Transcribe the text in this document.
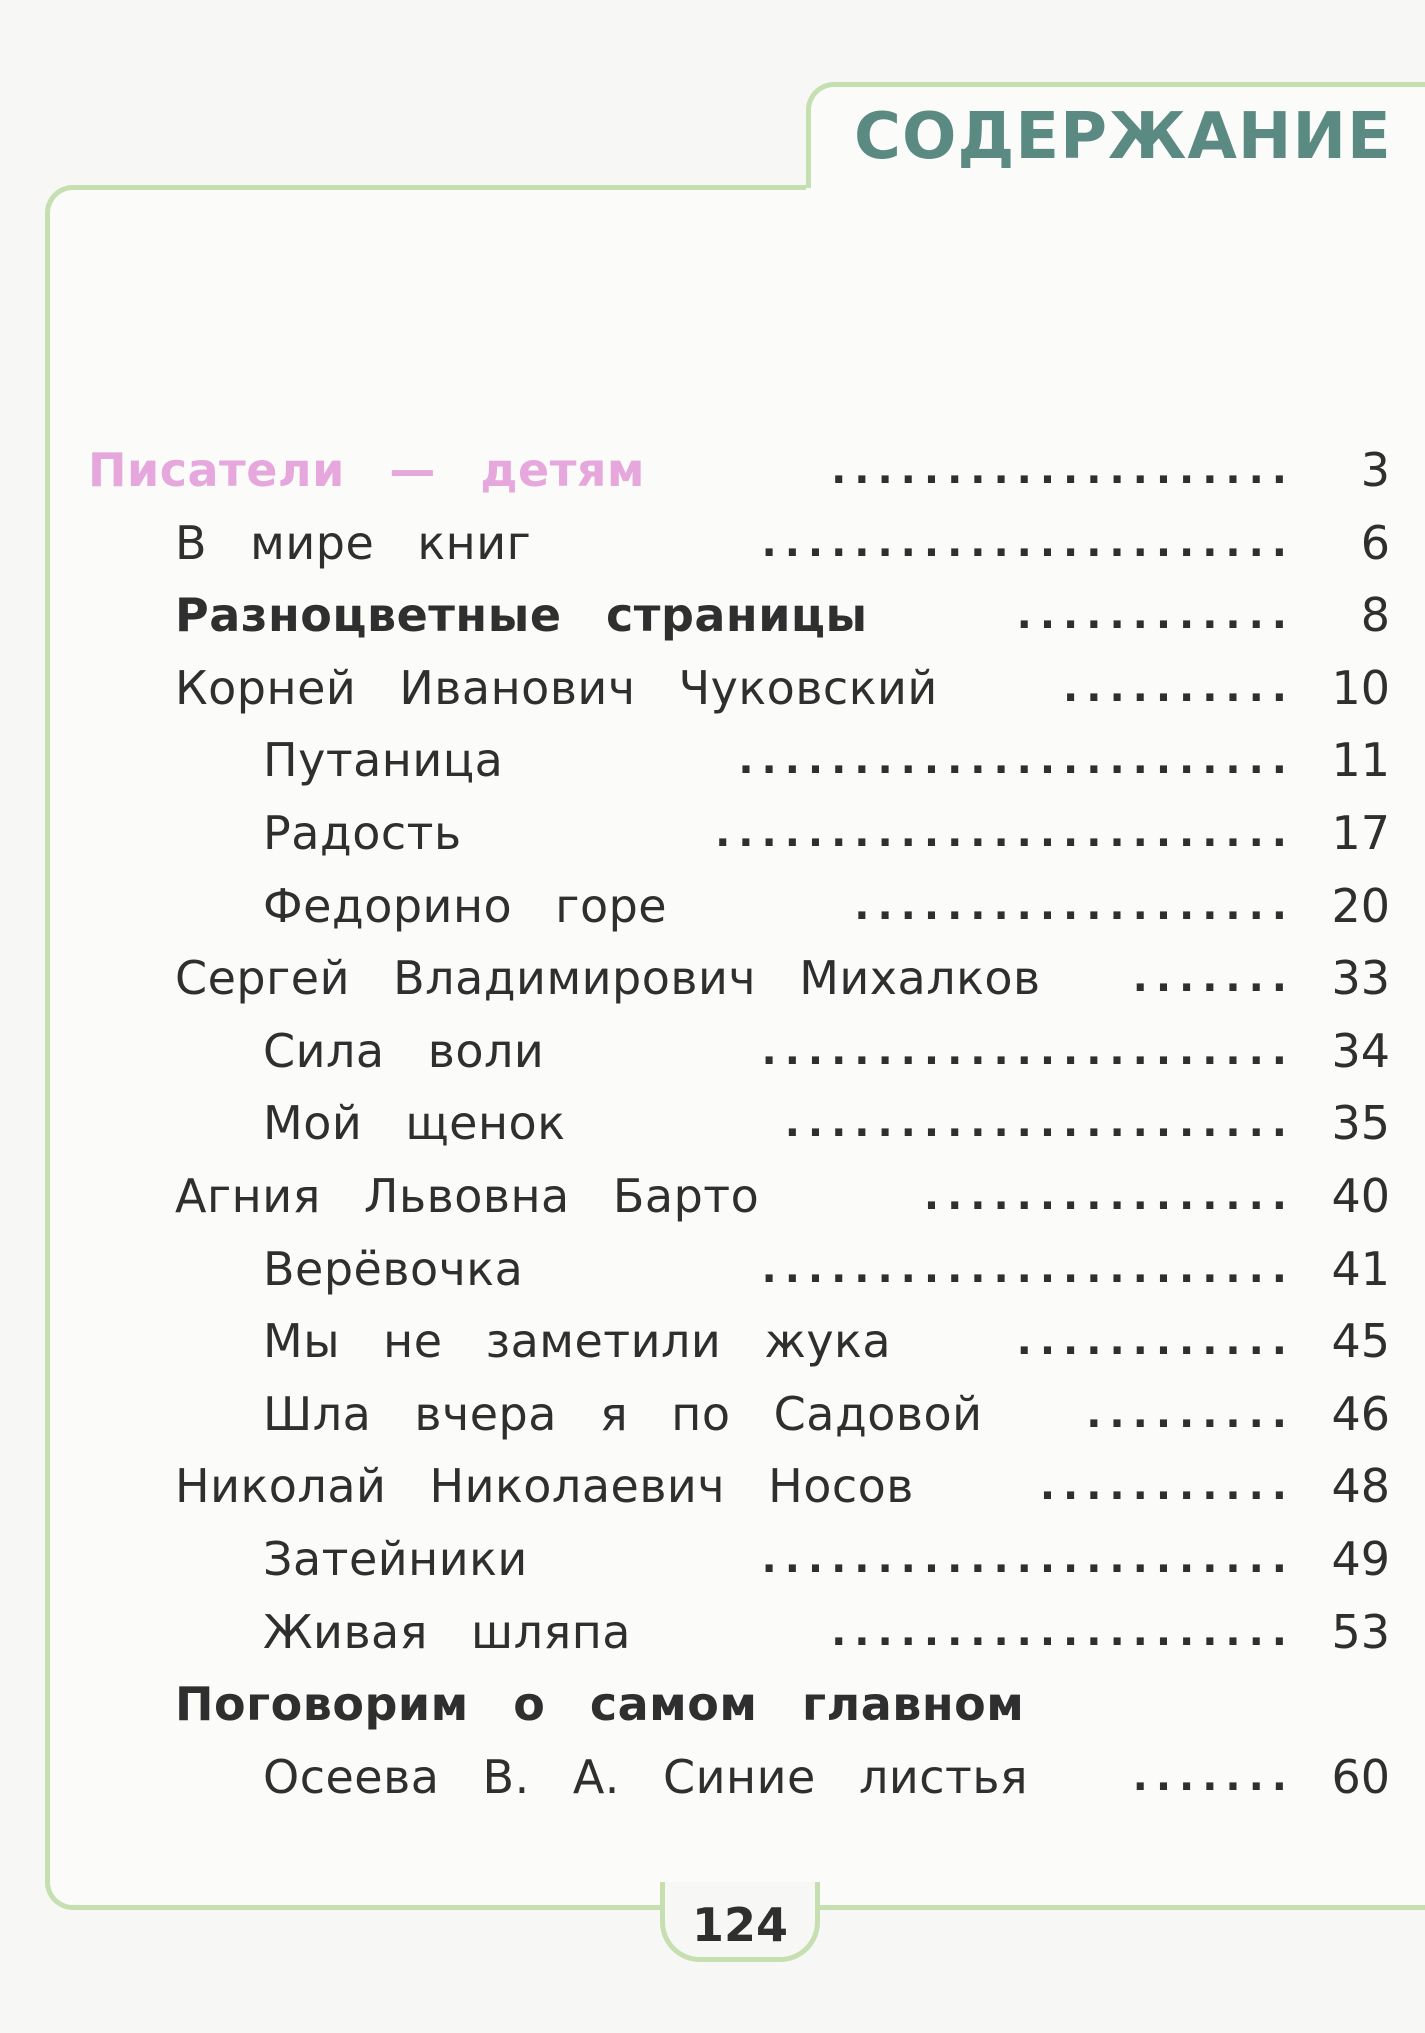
СОДЕРЖАНИЕ
Писатели — детям	....................	3
В мире книг	.......................	6
Разноцветные страницы	............	8
Корней Иванович Чуковский	.......... 10
Путаница	........................ 11
Радость	......................... 17
Федорино горе	................... 20
Сергей Владимирович Михалков	....... 33
Сила воли	....................... 34
Мой щенок	...................... 35
Агния Львовна Барто	................ 40
Верёвочка	....................... 41
Мы не заметили жука	............ 45
Шла вчера я по Садовой	......... 46
Николай Николаевич Носов	........... 48
Затейники	....................... 49
Живая шляпа	.................... 53
Поговорим о самом главном
Осеева В. А. Синие листья	....... 60
124
